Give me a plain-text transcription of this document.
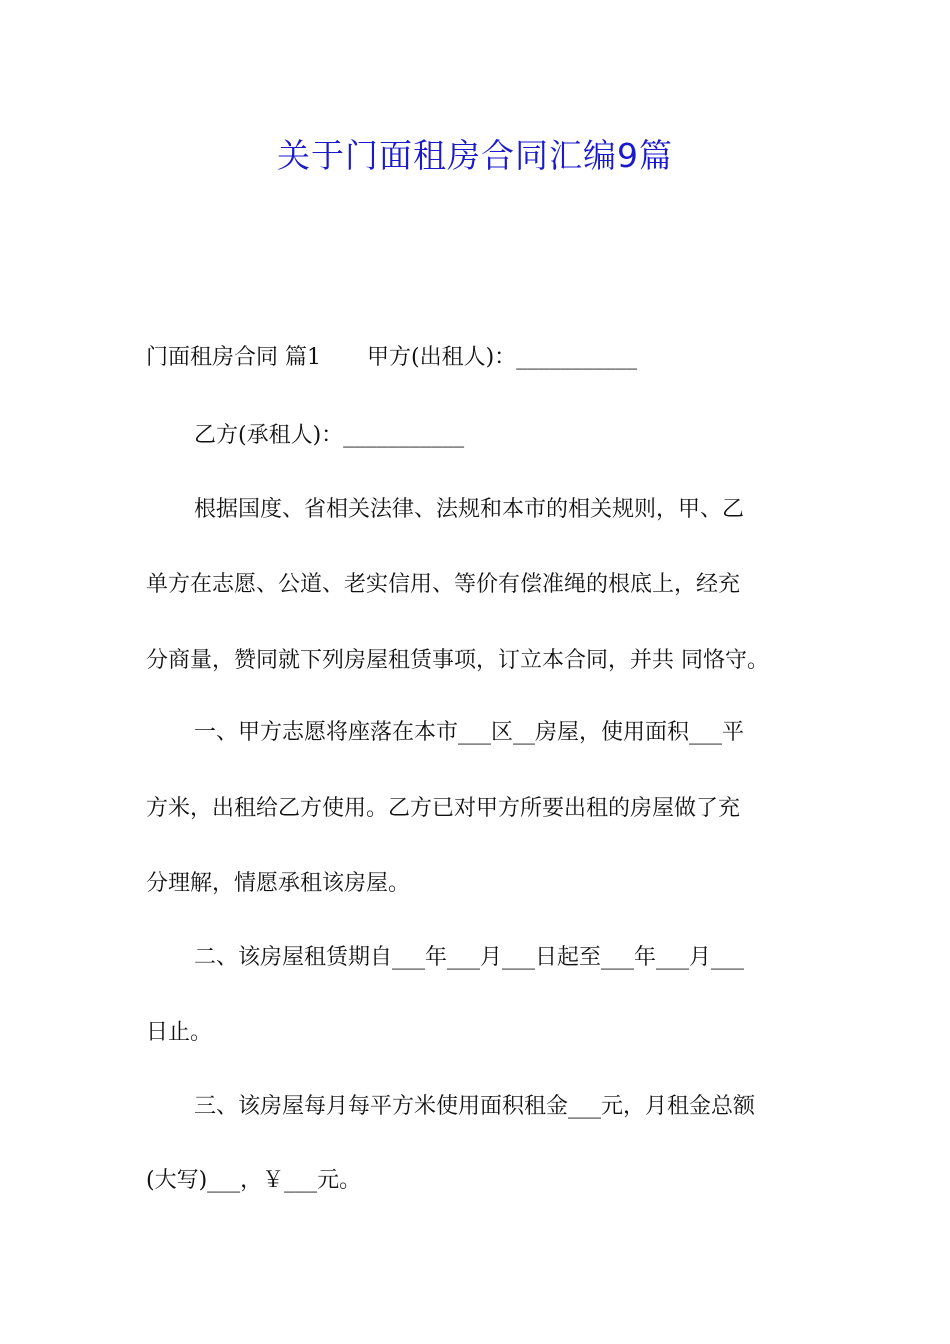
关于门面租房合同汇编9篇

门面租房合同 篇1 甲方(出租人)：___________

乙方(承租人)：___________

根据国度、省相关法律、法规和本市的相关规则，甲、乙

单方在志愿、公道、老实信用、等价有偿准绳的根底上，经充

分商量，赞同就下列房屋租赁事项，订立本合同，并共 同恪守。

一、甲方志愿将座落在本市___区__房屋，使用面积___平

方米，出租给乙方使用。乙方已对甲方所要出租的房屋做了充

分理解，情愿承租该房屋。

二、该房屋租赁期自___年___月___日起至___年___月___

日止。

三、该房屋每月每平方米使用面积租金___元，月租金总额

(大写)___，￥___元。
